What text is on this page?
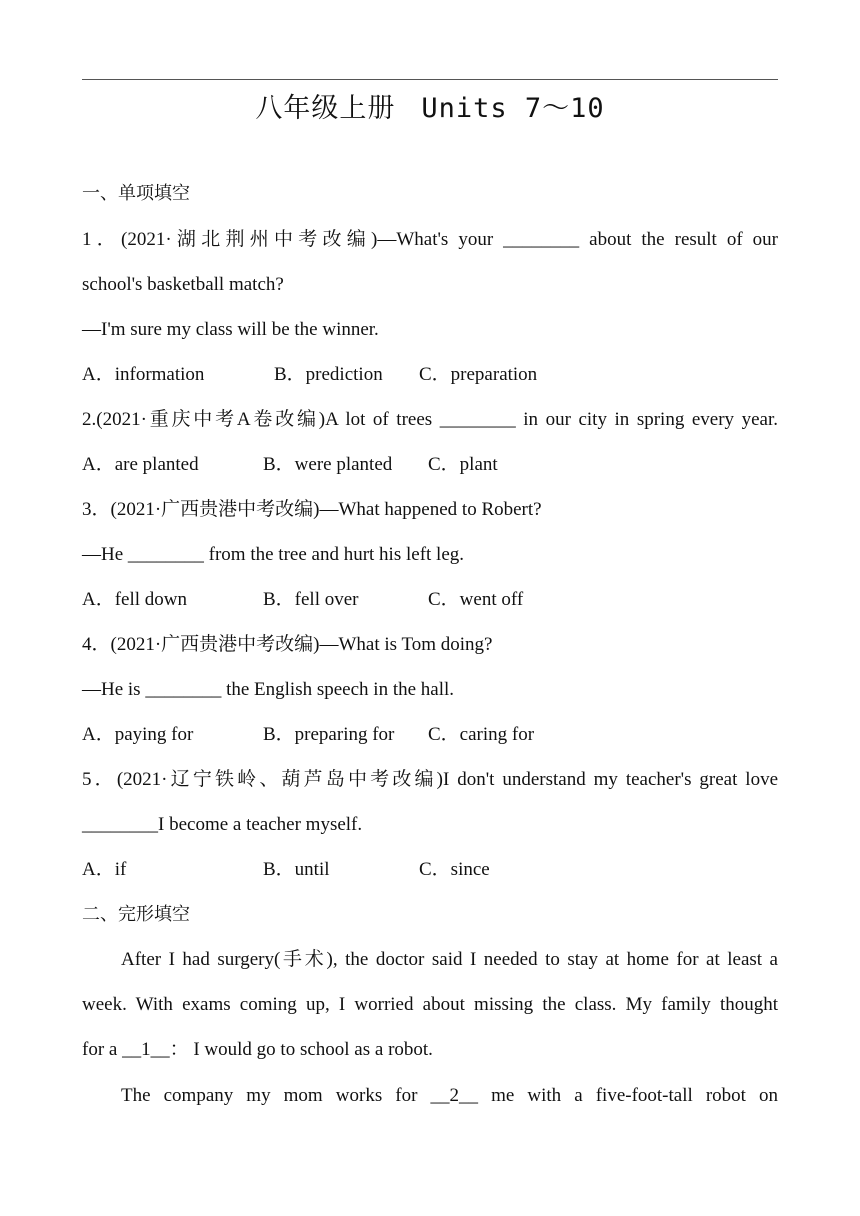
八年级上册 Units 7～10
一、单项填空
1．(2021·湖北荆州中考改编)—What's your ________ about the result of our
school's basketball match?
—I'm sure my class will be the winner.
A．information	B．prediction C．preparation
2.(2021·重庆中考A卷改编)A lot of trees ________ in our city in spring every year.
A．are planted	B．were planted C．plant
3．(2021·广西贵港中考改编)—What happened to Robert?
—He ________ from the tree and hurt his left leg.
A．fell down	B．fell over	C．went off
4．(2021·广西贵港中考改编)—What is Tom doing?
—He is ________ the English speech in the hall.
A．paying for	B．preparing for C．caring for
5．(2021·辽宁铁岭、葫芦岛中考改编)I don't understand my teacher's great love
________I become a teacher myself.
A．if	B．until	C．since
二、完形填空
After I had surgery(手术), the doctor said I needed to stay at home for at least a
week. With exams coming up, I worried about missing the class. My family thought
for a __1__： I would go to school as a robot.
The company my mom works for __2__ me with a five-foot-tall robot on
